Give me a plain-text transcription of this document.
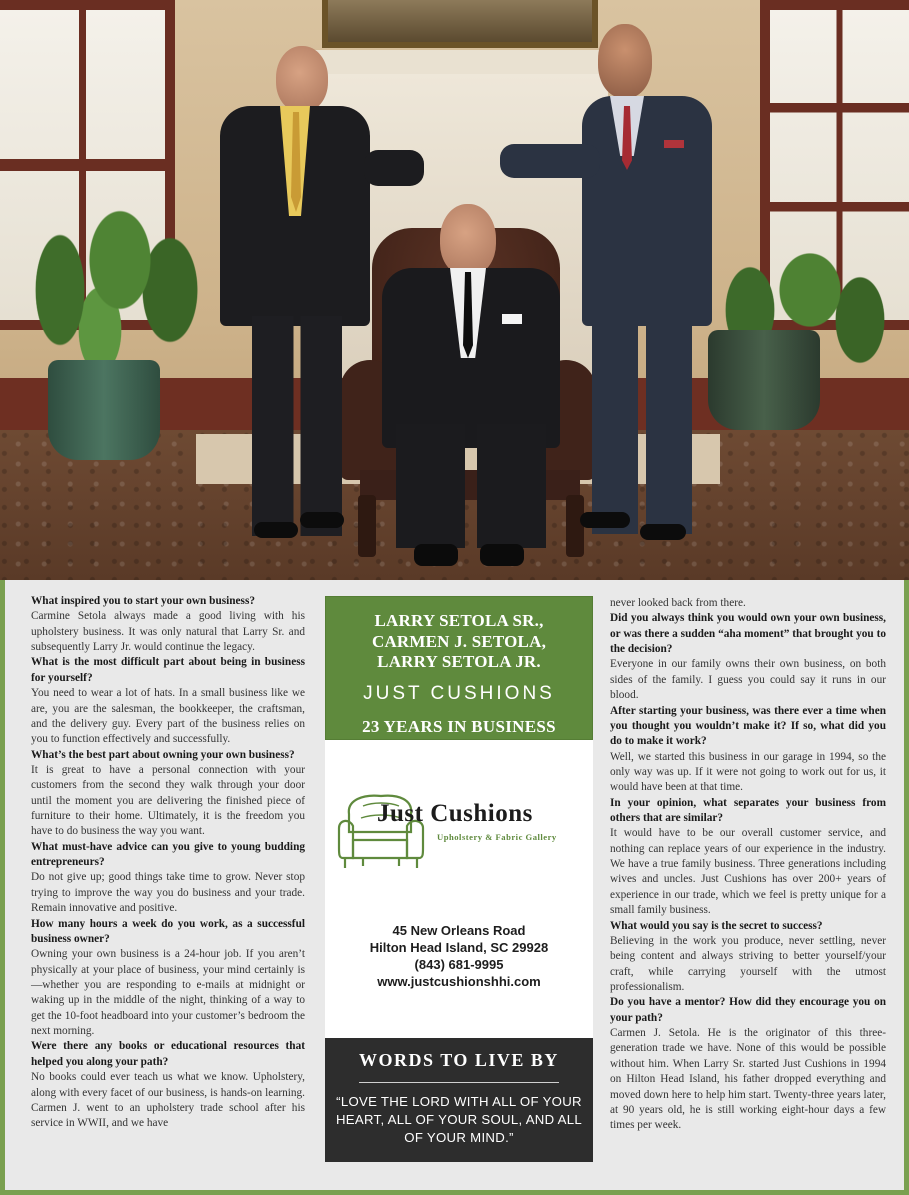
What inspired you to start your own business?
Carmine Setola always made a good living with his upholstery business. It was only natural that Larry Sr. and subsequently Larry Jr. would continue the legacy.
What is the most difficult part about being in business for yourself?
You need to wear a lot of hats. In a small business like we are, you are the salesman, the bookkeeper, the craftsman, and the delivery guy. Every part of the business relies on you to function effectively and successfully.
What’s the best part about owning your own business?
It is great to have a personal connection with your customers from the second they walk through your door until the moment you are delivering the finished piece of furniture to their home. Ultimately, it is the freedom you have to do business the way you want.
What must-have advice can you give to young budding entrepreneurs?
Do not give up; good things take time to grow. Never stop trying to improve the way you do business and your trade. Remain innovative and positive.
How many hours a week do you work, as a successful business owner?
Owning your own business is a 24-hour job. If you aren’t physically at your place of business, your mind certainly is—whether you are responding to e-mails at midnight or waking up in the middle of the night, thinking of a way to get the 10-foot headboard into your customer’s bedroom the next morning.
Were there any books or educational resources that helped you along your path?
No books could ever teach us what we know. Upholstery, along with every facet of our business, is hands-on learning. Carmen J. went to an upholstery trade school after his service in WWII, and we have
LARRY SETOLA SR.,
CARMEN J. SETOLA,
LARRY SETOLA JR.
JUST CUSHIONS
23 YEARS IN BUSINESS
Just Cushions
Upholstery & Fabric Gallery
45 New Orleans Road
Hilton Head Island, SC 29928
(843) 681-9995
www.justcushionshhi.com
WORDS TO LIVE BY
“LOVE THE LORD WITH ALL OF YOUR HEART, ALL OF YOUR SOUL, AND ALL OF YOUR MIND.”
never looked back from there.
Did you always think you would own your own business, or was there a sudden “aha moment” that brought you to the decision?
Everyone in our family owns their own business, on both sides of the family. I guess you could say it runs in our blood.
After starting your business, was there ever a time when you thought you wouldn’t make it? If so, what did you do to make it work?
Well, we started this business in our garage in 1994, so the only way was up. If it were not going to work out for us, it would have been at that time.
In your opinion, what separates your business from others that are similar?
It would have to be our overall customer service, and nothing can replace years of our experience in the industry. We have a true family business. Three generations including wives and uncles. Just Cushions has over 200+ years of experience in our trade, which we feel is pretty unique for a small family business.
What would you say is the secret to success?
Believing in the work you produce, never settling, never being content and always striving to better yourself/your craft, while carrying yourself with the utmost professionalism.
Do you have a mentor? How did they encourage you on your path?
Carmen J. Setola. He is the originator of this three-generation trade we have. None of this would be possible without him. When Larry Sr. started Just Cushions in 1994 on Hilton Head Island, his father dropped everything and moved down here to help him start. Twenty-three years later, at 90 years old, he is still working eight-hour days a few times per week.
